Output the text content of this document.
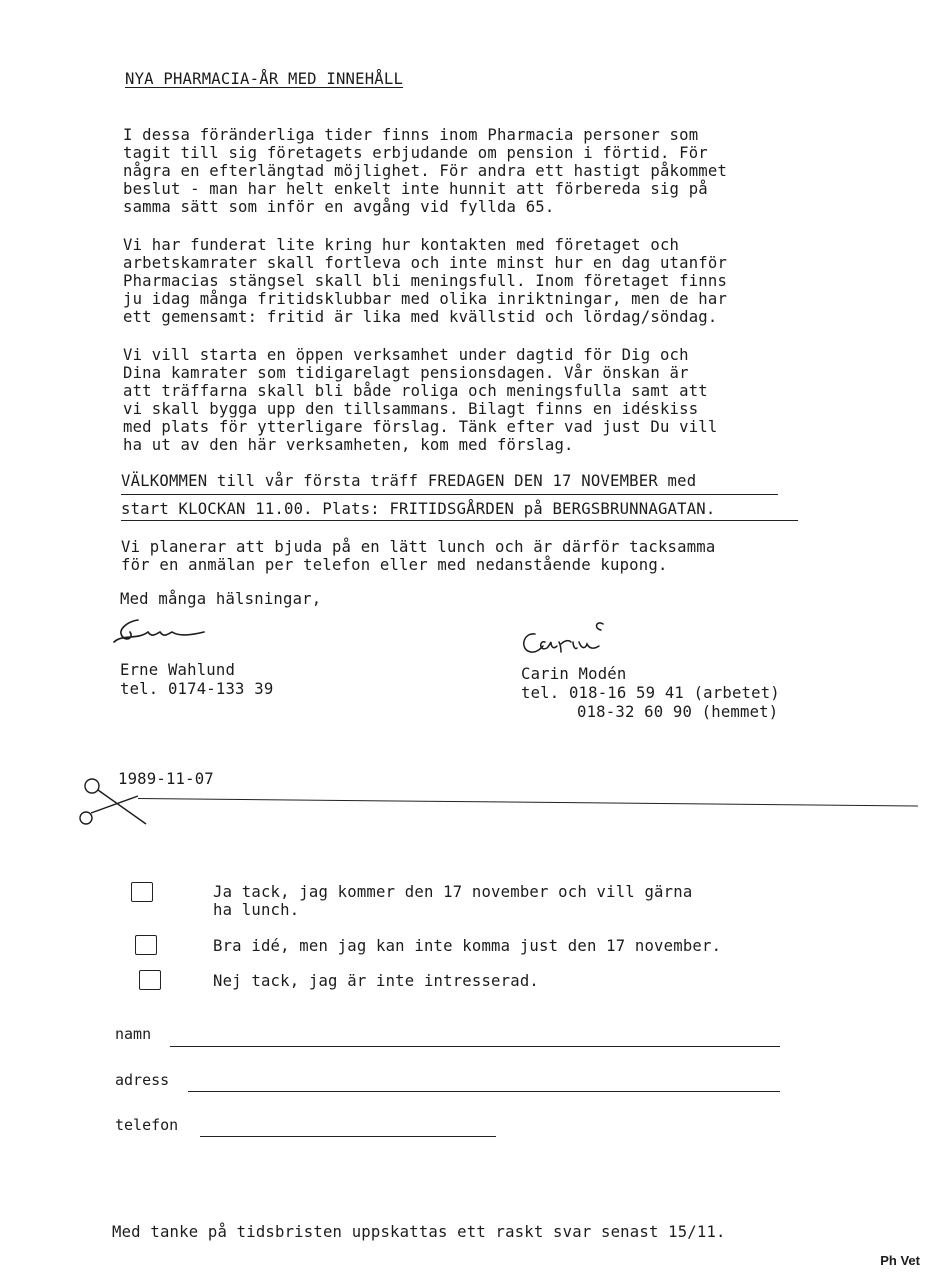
NYA PHARMACIA-ÅR MED INNEHÅLL

I dessa föränderliga tider finns inom Pharmacia personer som
tagit till sig företagets erbjudande om pension i förtid. För
några en efterlängtad möjlighet. För andra ett hastigt påkommet
beslut - man har helt enkelt inte hunnit att förbereda sig på
samma sätt som inför en avgång vid fyllda 65.

Vi har funderat lite kring hur kontakten med företaget och
arbetskamrater skall fortleva och inte minst hur en dag utanför
Pharmacias stängsel skall bli meningsfull. Inom företaget finns
ju idag många fritidsklubbar med olika inriktningar, men de har
ett gemensamt: fritid är lika med kvällstid och lördag/söndag.

Vi vill starta en öppen verksamhet under dagtid för Dig och
Dina kamrater som tidigarelagt pensionsdagen. Vår önskan är
att träffarna skall bli både roliga och meningsfulla samt att
vi skall bygga upp den tillsammans. Bilagt finns en idéskiss
med plats för ytterligare förslag. Tänk efter vad just Du vill
ha ut av den här verksamheten, kom med förslag.

VÄLKOMMEN till vår första träff FREDAGEN DEN 17 NOVEMBER med
start KLOCKAN 11.00. Plats: FRITIDSGÅRDEN på BERGSBRUNNAGATAN.

Vi planerar att bjuda på en lätt lunch och är därför tacksamma
för en anmälan per telefon eller med nedanstående kupong.

Med många hälsningar,
Erne Wahlund
tel. 0174-133 39
Carin Modén
tel. 018-16 59 41 (arbetet)
018-32 60 90 (hemmet)
1989-11-07
Ja tack, jag kommer den 17 november och vill gärna
ha lunch.
Bra idé, men jag kan inte komma just den 17 november.
Nej tack, jag är inte intresserad.
namn
adress
telefon
Med tanke på tidsbristen uppskattas ett raskt svar senast 15/11.
Ph Vet
